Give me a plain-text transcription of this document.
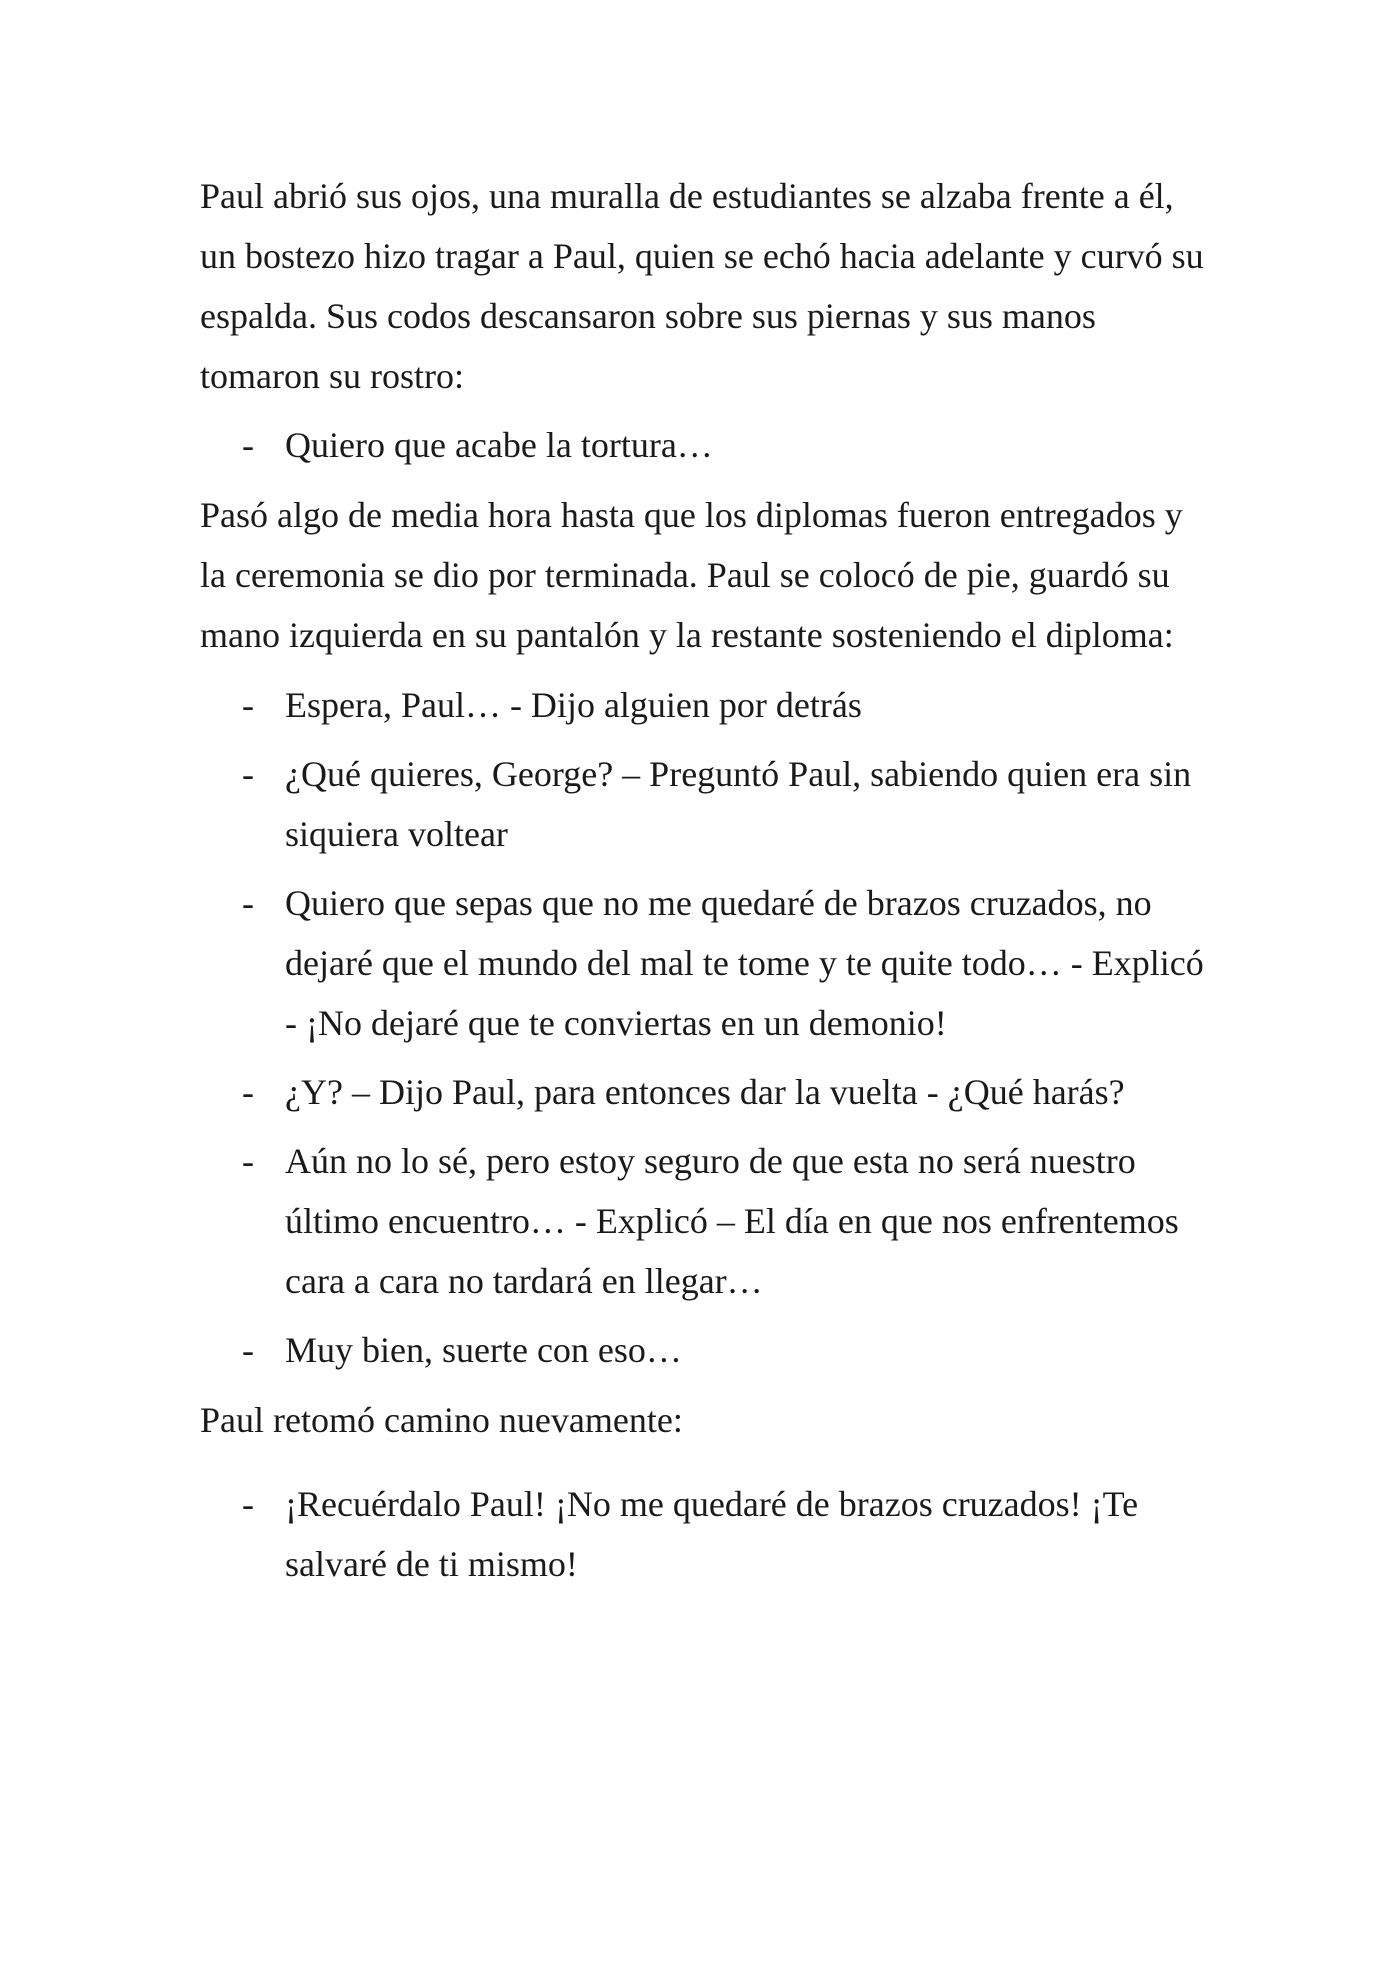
Paul abrió sus ojos, una muralla de estudiantes se alzaba frente a él, un bostezo hizo tragar a Paul, quien se echó hacia adelante y curvó su espalda. Sus codos descansaron sobre sus piernas y sus manos tomaron su rostro:

- Quiero que acabe la tortura…

Pasó algo de media hora hasta que los diplomas fueron entregados y la ceremonia se dio por terminada. Paul se colocó de pie, guardó su mano izquierda en su pantalón y la restante sosteniendo el diploma:

- Espera, Paul… - Dijo alguien por detrás
- ¿Qué quieres, George? – Preguntó Paul, sabiendo quien era sin siquiera voltear
- Quiero que sepas que no me quedaré de brazos cruzados, no dejaré que el mundo del mal te tome y te quite todo… - Explicó - ¡No dejaré que te conviertas en un demonio!
- ¿Y? – Dijo Paul, para entonces dar la vuelta - ¿Qué harás?
- Aún no lo sé, pero estoy seguro de que esta no será nuestro último encuentro… - Explicó – El día en que nos enfrentemos cara a cara no tardará en llegar…
- Muy bien, suerte con eso…

Paul retomó camino nuevamente:

- ¡Recuérdalo Paul! ¡No me quedaré de brazos cruzados! ¡Te salvaré de ti mismo!
